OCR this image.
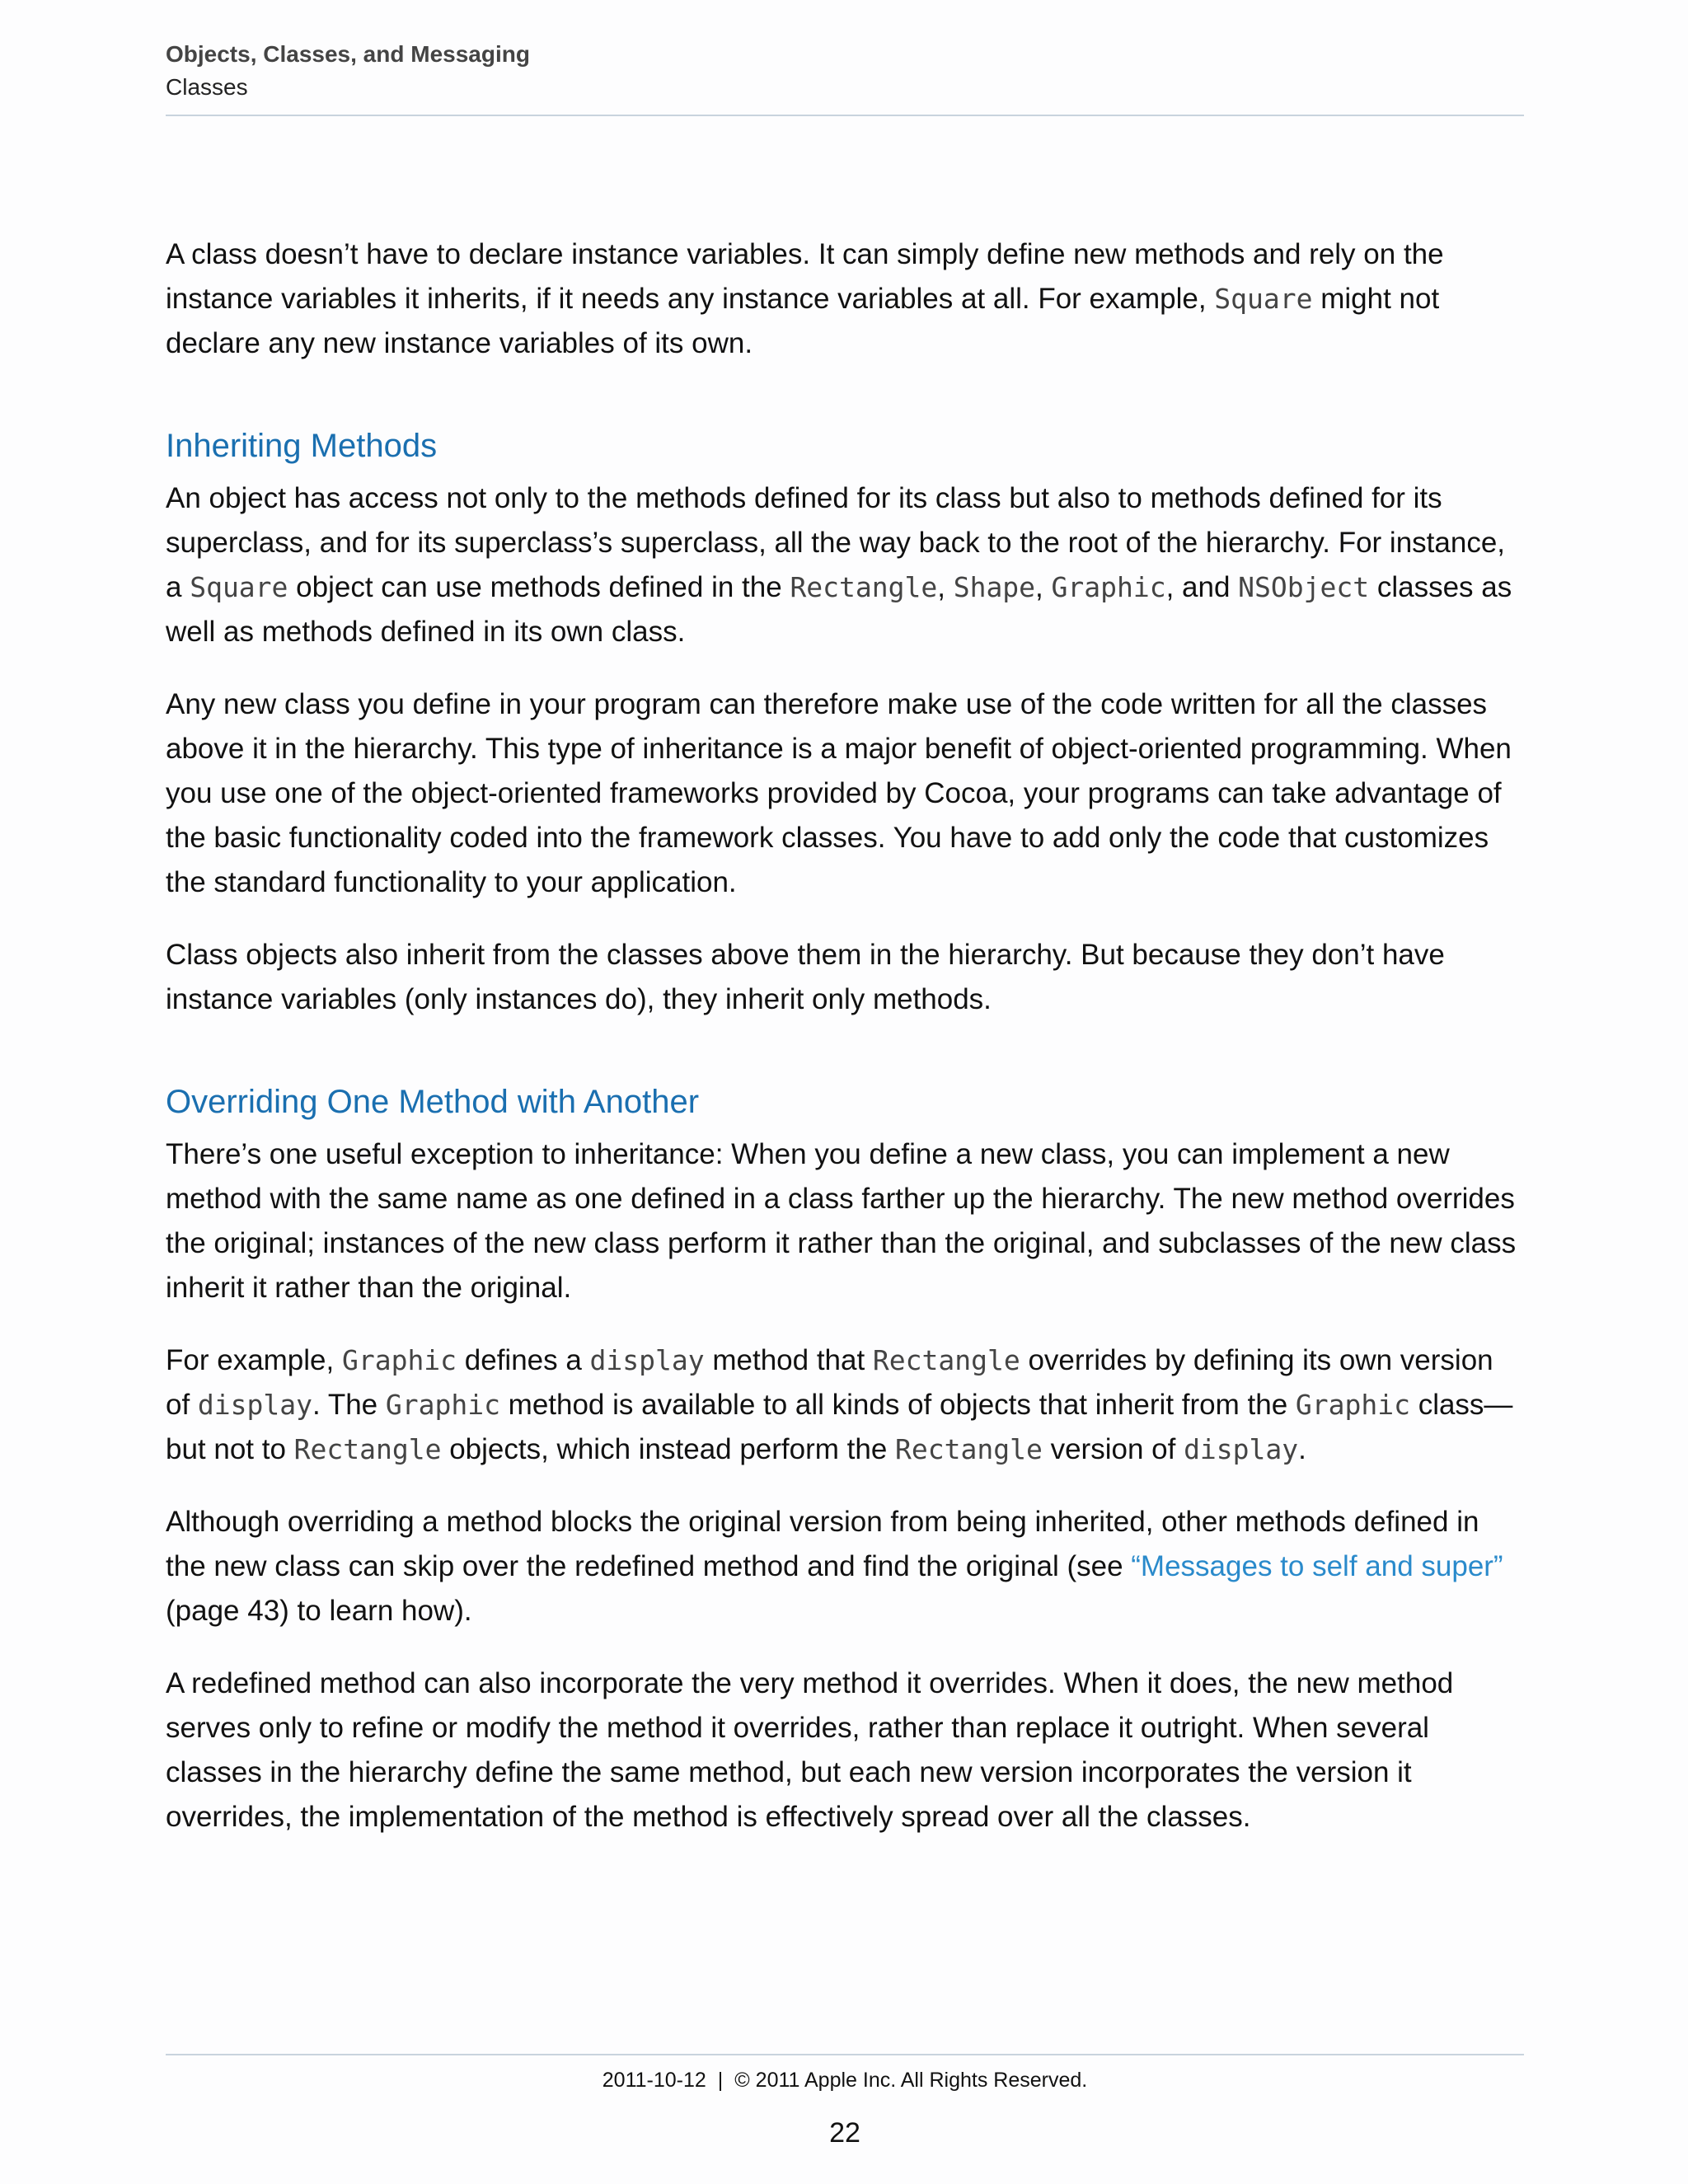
Objects, Classes, and Messaging
Classes

A class doesn’t have to declare instance variables. It can simply define new methods and rely on the instance variables it inherits, if it needs any instance variables at all. For example, Square might not declare any new instance variables of its own.

Inheriting Methods

An object has access not only to the methods defined for its class but also to methods defined for its superclass, and for its superclass’s superclass, all the way back to the root of the hierarchy. For instance, a Square object can use methods defined in the Rectangle, Shape, Graphic, and NSObject classes as well as methods defined in its own class.

Any new class you define in your program can therefore make use of the code written for all the classes above it in the hierarchy. This type of inheritance is a major benefit of object-oriented programming. When you use one of the object-oriented frameworks provided by Cocoa, your programs can take advantage of the basic functionality coded into the framework classes. You have to add only the code that customizes the standard functionality to your application.

Class objects also inherit from the classes above them in the hierarchy. But because they don’t have instance variables (only instances do), they inherit only methods.

Overriding One Method with Another

There’s one useful exception to inheritance: When you define a new class, you can implement a new method with the same name as one defined in a class farther up the hierarchy. The new method overrides the original; instances of the new class perform it rather than the original, and subclasses of the new class inherit it rather than the original.

For example, Graphic defines a display method that Rectangle overrides by defining its own version of display. The Graphic method is available to all kinds of objects that inherit from the Graphic class—but not to Rectangle objects, which instead perform the Rectangle version of display.

Although overriding a method blocks the original version from being inherited, other methods defined in the new class can skip over the redefined method and find the original (see “Messages to self and super” (page 43) to learn how).

A redefined method can also incorporate the very method it overrides. When it does, the new method serves only to refine or modify the method it overrides, rather than replace it outright. When several classes in the hierarchy define the same method, but each new version incorporates the version it overrides, the implementation of the method is effectively spread over all the classes.

2011-10-12 | © 2011 Apple Inc. All Rights Reserved.
22
